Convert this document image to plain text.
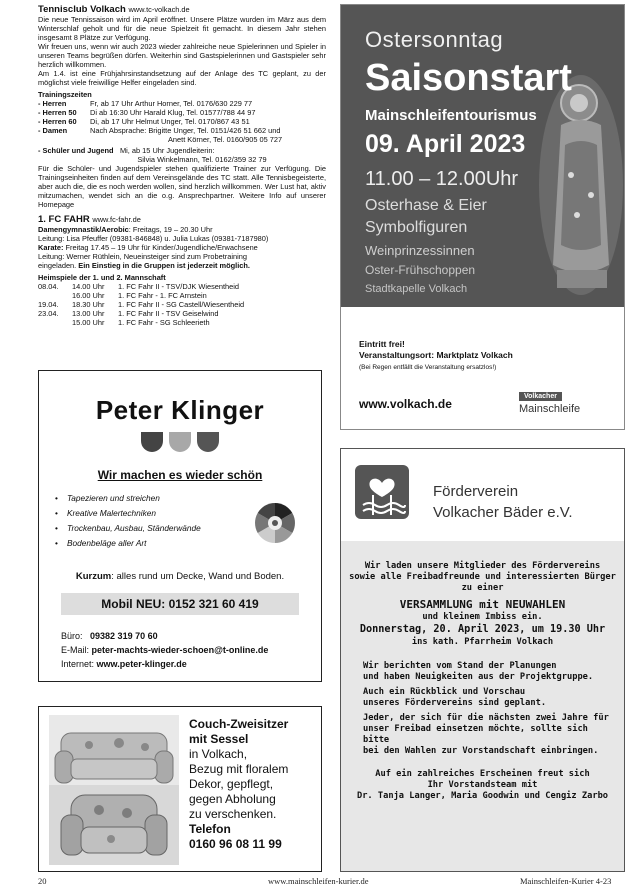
Tennisclub Volkach www.tc-volkach.de

Die neue Tennissaison wird im April eröffnet. Unsere Plätze wurden im März aus dem Winterschlaf geholt und für die neue Spielzeit fit gemacht. In diesem Jahr stehen insgesamt 8 Plätze zur Verfügung.

Wir freuen uns, wenn wir auch 2023 wieder zahlreiche neue Spielerinnen und Spieler in unseren Teams begrüßen dürfen. Weiterhin sind Gastspielerinnen und Gastspieler sehr herzlich willkommen.

Am 1.4. ist eine Frühjahrsinstandsetzung auf der Anlage des TC geplant, zu der möglichst viele freiwillige Helfer eingeladen sind.

Trainingszeiten
- Herren	Fr, ab 17 Uhr Arthur Horner, Tel. 0176/630 229 77
- Herren 50	Di ab 16:30 Uhr Harald Klug, Tel. 01577/788 44 97
- Herren 60	Di, ab 17 Uhr Helmut Unger, Tel. 0170/867 43 51
- Damen	Nach Absprache: Brigitte Unger, Tel. 0151/426 51 662 und
Anett Körner, Tel. 0160/905 05 727
- Schüler und Jugend Mi, ab 15 Uhr Jugendleiterin:
Silvia Winkelmann, Tel. 0162/359 32 79

Für die Schüler- und Jugendspieler stehen qualifizierte Trainer zur Verfügung. Die Trainingseinheiten finden auf dem Vereinsgelände des TC statt. Alle Tennisbegeisterte, aber auch die, die es noch werden wollen, sind herzlich willkommen. Wer Lust hat, aktiv mitzumachen, wendet sich an die o.g. Ansprechpartner. Weitere Info auf unserer Homepage

1. FC FAHR www.fc-fahr.de
Damengymnastik/Aerobic: Freitags, 19 – 20.30 Uhr
Leitung: Lisa Pfeuffer (09381-846848) u. Julia Lukas (09381-7187980)
Karate: Freitag 17.45 – 19 Uhr für Kinder/Jugendliche/Erwachsene
Leitung: Werner Rüthlein, Neueinsteiger sind zum Probetraining
eingeladen. Ein Einstieg in die Gruppen ist jederzeit möglich.
Heimspiele der 1. und 2. Mannschaft
08.04.	14.00 Uhr	1. FC Fahr II - TSV/DJK Wiesentheid
16.00 Uhr	1. FC Fahr - 1. FC Arnstein
19.04.	18.30 Uhr	1. FC Fahr II - SG Castell/Wiesentheid
23.04.	13.00 Uhr	1. FC Fahr II - TSV Geiselwind
15.00 Uhr	1. FC Fahr - SG Schleerieth
Peter Klinger
Wir machen es wieder schön
• Tapezieren und streichen
• Kreative Malertechniken
• Trockenbau, Ausbau, Ständerwände
• Bodenbeläge aller Art
Kurzum: alles rund um Decke, Wand und Boden.
Mobil NEU: 0152 321 60 419
Büro: 09382 319 70 60
E-Mail: peter-machts-wieder-schoen@t-online.de
Internet: www.peter-klinger.de
Couch-Zweisitzer
mit Sessel
in Volkach,
Bezug mit floralem
Dekor, gepflegt,
gegen Abholung
zu verschenken.
Telefon
0160 96 08 11 99
Ostersonntag
Saisonstart
Mainschleifentourismus
09. April 2023
11.00 – 12.00Uhr
Osterhase & Eier
Symbolfiguren
Weinprinzessinnen
Oster-Frühschoppen
Stadtkapelle Volkach
Eintritt frei!
Veranstaltungsort: Marktplatz Volkach
(Bei Regen entfällt die Veranstaltung ersatzlos!)
www.volkach.de
Volkacher
Mainschleife
Förderverein
Volkacher Bäder e.V.
Wir laden unsere Mitglieder des Fördervereins
sowie alle Freibadfreunde und interessierten Bürger
zu einer
VERSAMMLUNG mit NEUWAHLEN
und kleinem Imbiss ein.
Donnerstag, 20. April 2023, um 19.30 Uhr
ins kath. Pfarrheim Volkach
Wir berichten vom Stand der Planungen
und haben Neuigkeiten aus der Projektgruppe.
Auch ein Rückblick und Vorschau
unseres Fördervereins sind geplant.
Jeder, der sich für die nächsten zwei Jahre für
unser Freibad einsetzen möchte, sollte sich bitte
bei den Wahlen zur Vorstandschaft einbringen.
Auf ein zahlreiches Erscheinen freut sich
Ihr Vorstandsteam mit
Dr. Tanja Langer, Maria Goodwin und Cengiz Zarbo
20	www.mainschleifen-kurier.de	Mainschleifen-Kurier 4-23
